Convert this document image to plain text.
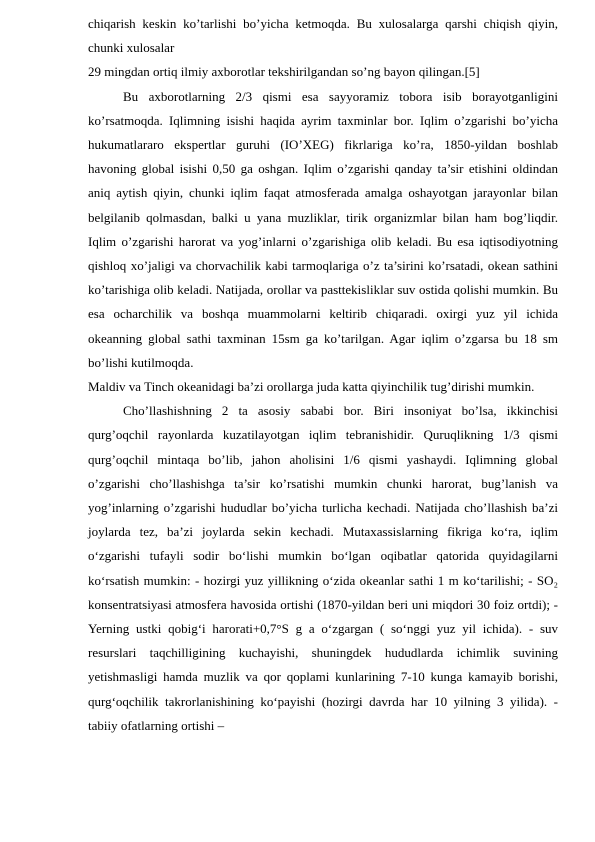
chiqarish keskin ko’tarlishi bo’yicha ketmoqda. Bu xulosalarga qarshi chiqish qiyin, chunki xulosalar

29 mingdan ortiq ilmiy axborotlar tekshirilgandan so’ng bayon qilingan.[5]

Bu axborotlarning 2/3 qismi esa sayyoramiz tobora isib borayotganligini ko’rsatmoqda. Iqlimning isishi haqida ayrim taxminlar bor. Iqlim o’zgarishi bo’yicha hukumatlararo ekspertlar guruhi (IO’XEG) fikrlariga ko’ra, 1850-yildan boshlab havoning global isishi 0,50 ga oshgan. Iqlim o’zgarishi qanday ta’sir etishini oldindan aniq aytish qiyin, chunki iqlim faqat atmosferada amalga oshayotgan jarayonlar bilan belgilanib qolmasdan, balki u yana muzliklar, tirik organizmlar bilan ham bog’liqdir. Iqlim o’zgarishi harorat va yog’inlarni o’zgarishiga olib keladi. Bu esa iqtisodiyotning qishloq xo’jaligi va chorvachilik kabi tarmoqlariga o’z ta’sirini ko’rsatadi, okean sathini ko’tarishiga olib keladi. Natijada, orollar va pasttekisliklar suv ostida qolishi mumkin. Bu esa ocharchilik va boshqa muammolarni keltirib chiqaradi. oxirgi yuz yil ichida okeanning global sathi taxminan 15sm ga ko’tarilgan. Agar iqlim o’zgarsa bu 18 sm bo’lishi kutilmoqda.

Maldiv va Tinch okeanidagi ba’zi orollarga juda katta qiyinchilik tug’dirishi mumkin.

Cho’llashishning 2 ta asosiy sababi bor. Biri insoniyat bo’lsa, ikkinchisi qurg’oqchil rayonlarda kuzatilayotgan iqlim tebranishidir. Quruqlikning 1/3 qismi qurg’oqchil mintaqa bo’lib, jahon aholisini 1/6 qismi yashaydi. Iqlimning global o’zgarishi cho’llashishga ta’sir ko’rsatishi mumkin chunki harorat, bug’lanish va yog’inlarning o’zgarishi hududlar bo’yicha turlicha kechadi. Natijada cho’llashish ba’zi joylarda tez, ba’zi joylarda sekin kechadi. Mutaxassislarning fikriga ko‘ra, iqlim o‘zgarishi tufayli sodir bo‘lishi mumkin bo‘lgan oqibatlar qatorida quyidagilarni ko‘rsatish mumkin: - hozirgi yuz yillikning o‘zida okeanlar sathi 1 m ko‘tarilishi; - SO₂ konsentratsiyasi atmosfera havosida ortishi (1870-yildan beri uni miqdori 30 foiz ortdi); - Yerning ustki qobig‘i harorati+0,7°S g a o‘zgargan ( so‘nggi yuz yil ichida). - suv resurslari taqchilligining kuchayishi, shuningdek hududlarda ichimlik suvining yetishmasligi hamda muzlik va qor qoplami kunlarining 7-10 kunga kamayib borishi, qurg‘oqchilik takrorlanishining ko‘payishi (hozirgi davrda har 10 yilning 3 yilida). - tabiiy ofatlarning ortishi –
